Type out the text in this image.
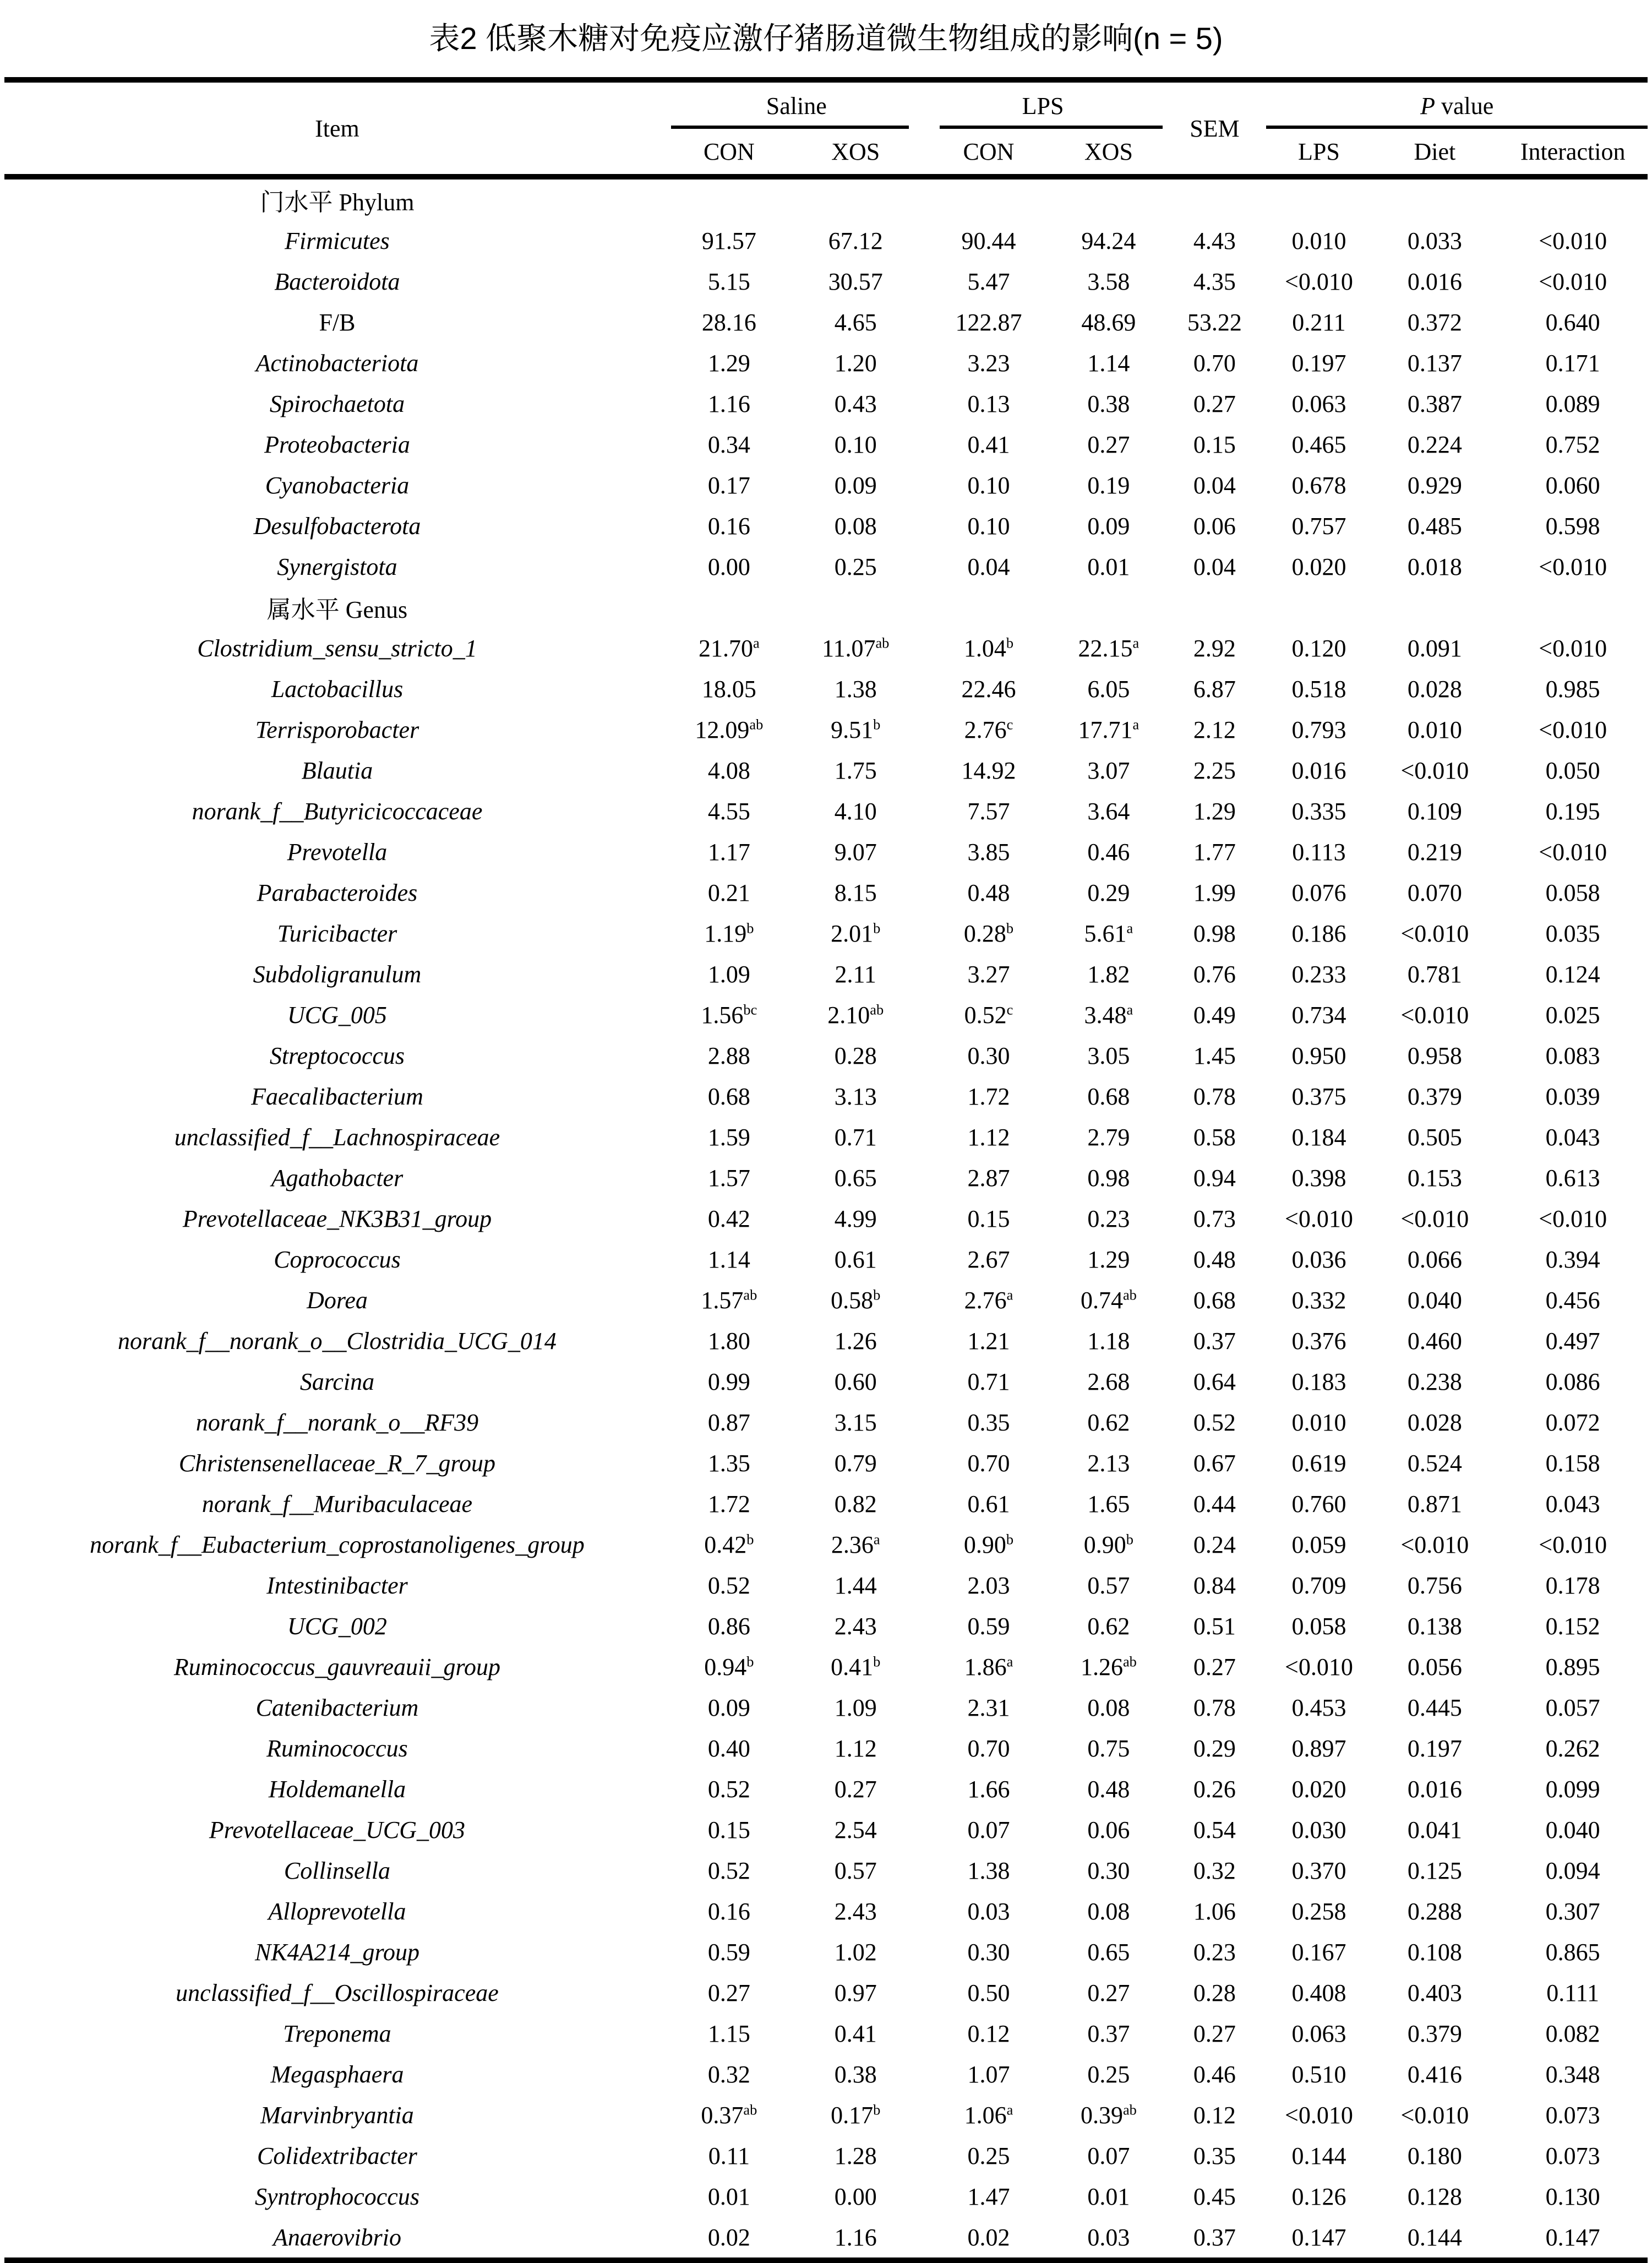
表2 低聚木糖对免疫应激仔猪肠道微生物组成的影响(n = 5)
Item	Saline		LPS		SEM	P value		

	CON	XOS	CON	XOS		LPS	Diet	Interaction
门水平 Phylum								
Firmicutes	91.57	67.12	90.44	94.24	4.43	0.010	0.033	<0.010
Bacteroidota	5.15	30.57	5.47	3.58	4.35	<0.010	0.016	<0.010
F/B	28.16	4.65	122.87	48.69	53.22	0.211	0.372	0.640
Actinobacteriota	1.29	1.20	3.23	1.14	0.70	0.197	0.137	0.171
Spirochaetota	1.16	0.43	0.13	0.38	0.27	0.063	0.387	0.089
Proteobacteria	0.34	0.10	0.41	0.27	0.15	0.465	0.224	0.752
Cyanobacteria	0.17	0.09	0.10	0.19	0.04	0.678	0.929	0.060
Desulfobacterota	0.16	0.08	0.10	0.09	0.06	0.757	0.485	0.598
Synergistota	0.00	0.25	0.04	0.01	0.04	0.020	0.018	<0.010
属水平 Genus								
Clostridium_sensu_stricto_1	21.70$^a$	11.07$^{ab}$	1.04$^b$	22.15$^a$	2.92	0.120	0.091	<0.010
Lactobacillus	18.05	1.38	22.46	6.05	6.87	0.518	0.028	0.985
Terrisporobacter	12.09$^{ab}$	9.51$^b$	2.76$^c$	17.71$^a$	2.12	0.793	0.010	<0.010
Blautia	4.08	1.75	14.92	3.07	2.25	0.016	<0.010	0.050
norank_f__Butyricicoccaceae	4.55	4.10	7.57	3.64	1.29	0.335	0.109	0.195
Prevotella	1.17	9.07	3.85	0.46	1.77	0.113	0.219	<0.010
Parabacteroides	0.21	8.15	0.48	0.29	1.99	0.076	0.070	0.058
Turicibacter	1.19$^b$	2.01$^b$	0.28$^b$	5.61$^a$	0.98	0.186	<0.010	0.035
Subdoligranulum	1.09	2.11	3.27	1.82	0.76	0.233	0.781	0.124
UCG_005	1.56$^{bc}$	2.10$^{ab}$	0.52$^c$	3.48$^a$	0.49	0.734	<0.010	0.025
Streptococcus	2.88	0.28	0.30	3.05	1.45	0.950	0.958	0.083
Faecalibacterium	0.68	3.13	1.72	0.68	0.78	0.375	0.379	0.039
unclassified_f__Lachnospiraceae	1.59	0.71	1.12	2.79	0.58	0.184	0.505	0.043
Agathobacter	1.57	0.65	2.87	0.98	0.94	0.398	0.153	0.613
Prevotellaceae_NK3B31_group	0.42	4.99	0.15	0.23	0.73	<0.010	<0.010	<0.010
Coprococcus	1.14	0.61	2.67	1.29	0.48	0.036	0.066	0.394
Dorea	1.57$^{ab}$	0.58$^b$	2.76$^a$	0.74$^{ab}$	0.68	0.332	0.040	0.456
norank_f__norank_o__Clostridia_UCG_014	1.80	1.26	1.21	1.18	0.37	0.376	0.460	0.497
Sarcina	0.99	0.60	0.71	2.68	0.64	0.183	0.238	0.086
norank_f__norank_o__RF39	0.87	3.15	0.35	0.62	0.52	0.010	0.028	0.072
Christensenellaceae_R_7_group	1.35	0.79	0.70	2.13	0.67	0.619	0.524	0.158
norank_f__Muribaculaceae	1.72	0.82	0.61	1.65	0.44	0.760	0.871	0.043
norank_f__Eubacterium_coprostanoligenes_group	0.42$^b$	2.36$^a$	0.90$^b$	0.90$^b$	0.24	0.059	<0.010	<0.010
Intestinibacter	0.52	1.44	2.03	0.57	0.84	0.709	0.756	0.178
UCG_002	0.86	2.43	0.59	0.62	0.51	0.058	0.138	0.152
Ruminococcus_gauvreauii_group	0.94$^b$	0.41$^b$	1.86$^a$	1.26$^{ab}$	0.27	<0.010	0.056	0.895
Catenibacterium	0.09	1.09	2.31	0.08	0.78	0.453	0.445	0.057
Ruminococcus	0.40	1.12	0.70	0.75	0.29	0.897	0.197	0.262
Holdemanella	0.52	0.27	1.66	0.48	0.26	0.020	0.016	0.099
Prevotellaceae_UCG_003	0.15	2.54	0.07	0.06	0.54	0.030	0.041	0.040
Collinsella	0.52	0.57	1.38	0.30	0.32	0.370	0.125	0.094
Alloprevotella	0.16	2.43	0.03	0.08	1.06	0.258	0.288	0.307
NK4A214_group	0.59	1.02	0.30	0.65	0.23	0.167	0.108	0.865
unclassified_f__Oscillospiraceae	0.27	0.97	0.50	0.27	0.28	0.408	0.403	0.111
Treponema	1.15	0.41	0.12	0.37	0.27	0.063	0.379	0.082
Megasphaera	0.32	0.38	1.07	0.25	0.46	0.510	0.416	0.348
Marvinbryantia	0.37$^{ab}$	0.17$^b$	1.06$^a$	0.39$^{ab}$	0.12	<0.010	<0.010	0.073
Colidextribacter	0.11	1.28	0.25	0.07	0.35	0.144	0.180	0.073
Syntrophococcus	0.01	0.00	1.47	0.01	0.45	0.126	0.128	0.130
Anaerovibrio	0.02	1.16	0.02	0.03	0.37	0.147	0.144	0.147
